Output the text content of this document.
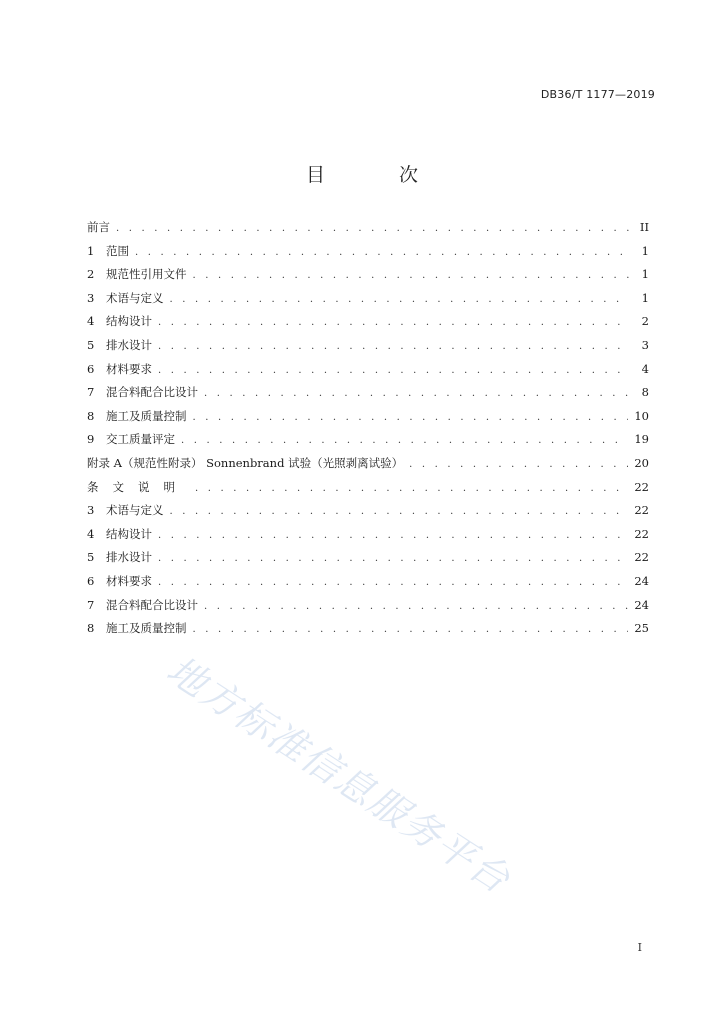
DB36/T 1177—2019
目 次
前言 . . .	II
1	范围 . . .	1
2	规范性引用文件 . . .	1
3	术语与定义 . . .	1
4	结构设计 . . .	2
5	排水设计 . . .	3
6	材料要求 . . .	4
7	混合料配合比设计 . . .	8
8	施工及质量控制 . . .	10
9	交工质量评定 . . .	19
附录 A（规范性附录） Sonnenbrand 试验（光照剥离试验） . . .	20
条文说明 . . .	22
3	术语与定义 . . .	22
4	结构设计 . . .	22
5	排水设计 . . .	22
6	材料要求 . . .	24
7	混合料配合比设计 . . .	24
8	施工及质量控制 . . .	25
地方标准信息服务平台
I
